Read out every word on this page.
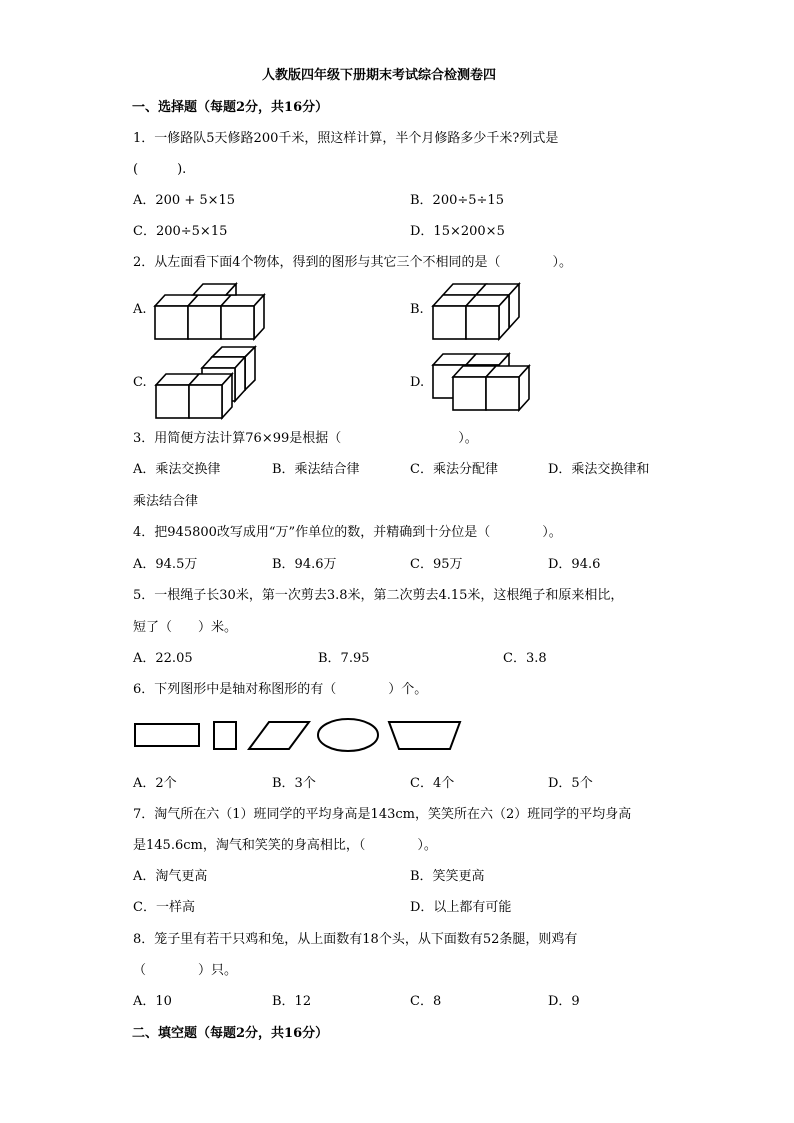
人教版四年级下册期末考试综合检测卷四
一、选择题（每题2分，共16分）
1．一修路队5天修路200千米，照这样计算，半个月修路多少千米?列式是
(　　　).
A．200 + 5×15	B．200÷5÷15
C．200÷5×15	D．15×200×5
2．从左面看下面4个物体，得到的图形与其它三个不相同的是（　　　　）。
A.	B.
C.	D.
3．用简便方法计算76×99是根据（　　　　　　　　　）。
A．乘法交换律	B．乘法结合律	C．乘法分配律	D．乘法交换律和
乘法结合律
4．把945800改写成用“万”作单位的数，并精确到十分位是（　　　　）。
A．94.5万	B．94.6万	C．95万	D．94.6
5．一根绳子长30米，第一次剪去3.8米，第二次剪去4.15米，这根绳子和原来相比，
短了（　　）米。
A．22.05	B．7.95	C．3.8
6．下列图形中是轴对称图形的有（　　　　）个。
A．2个	B．3个	C．4个	D．5个
7．淘气所在六（1）班同学的平均身高是143cm，笑笑所在六（2）班同学的平均身高
是145.6cm，淘气和笑笑的身高相比，（　　　　）。
A．淘气更高	B．笑笑更高
C．一样高	D．以上都有可能
8．笼子里有若干只鸡和兔，从上面数有18个头，从下面数有52条腿，则鸡有
（　　　　）只。
A．10	B．12	C．8	D．9
二、填空题（每题2分，共16分）
